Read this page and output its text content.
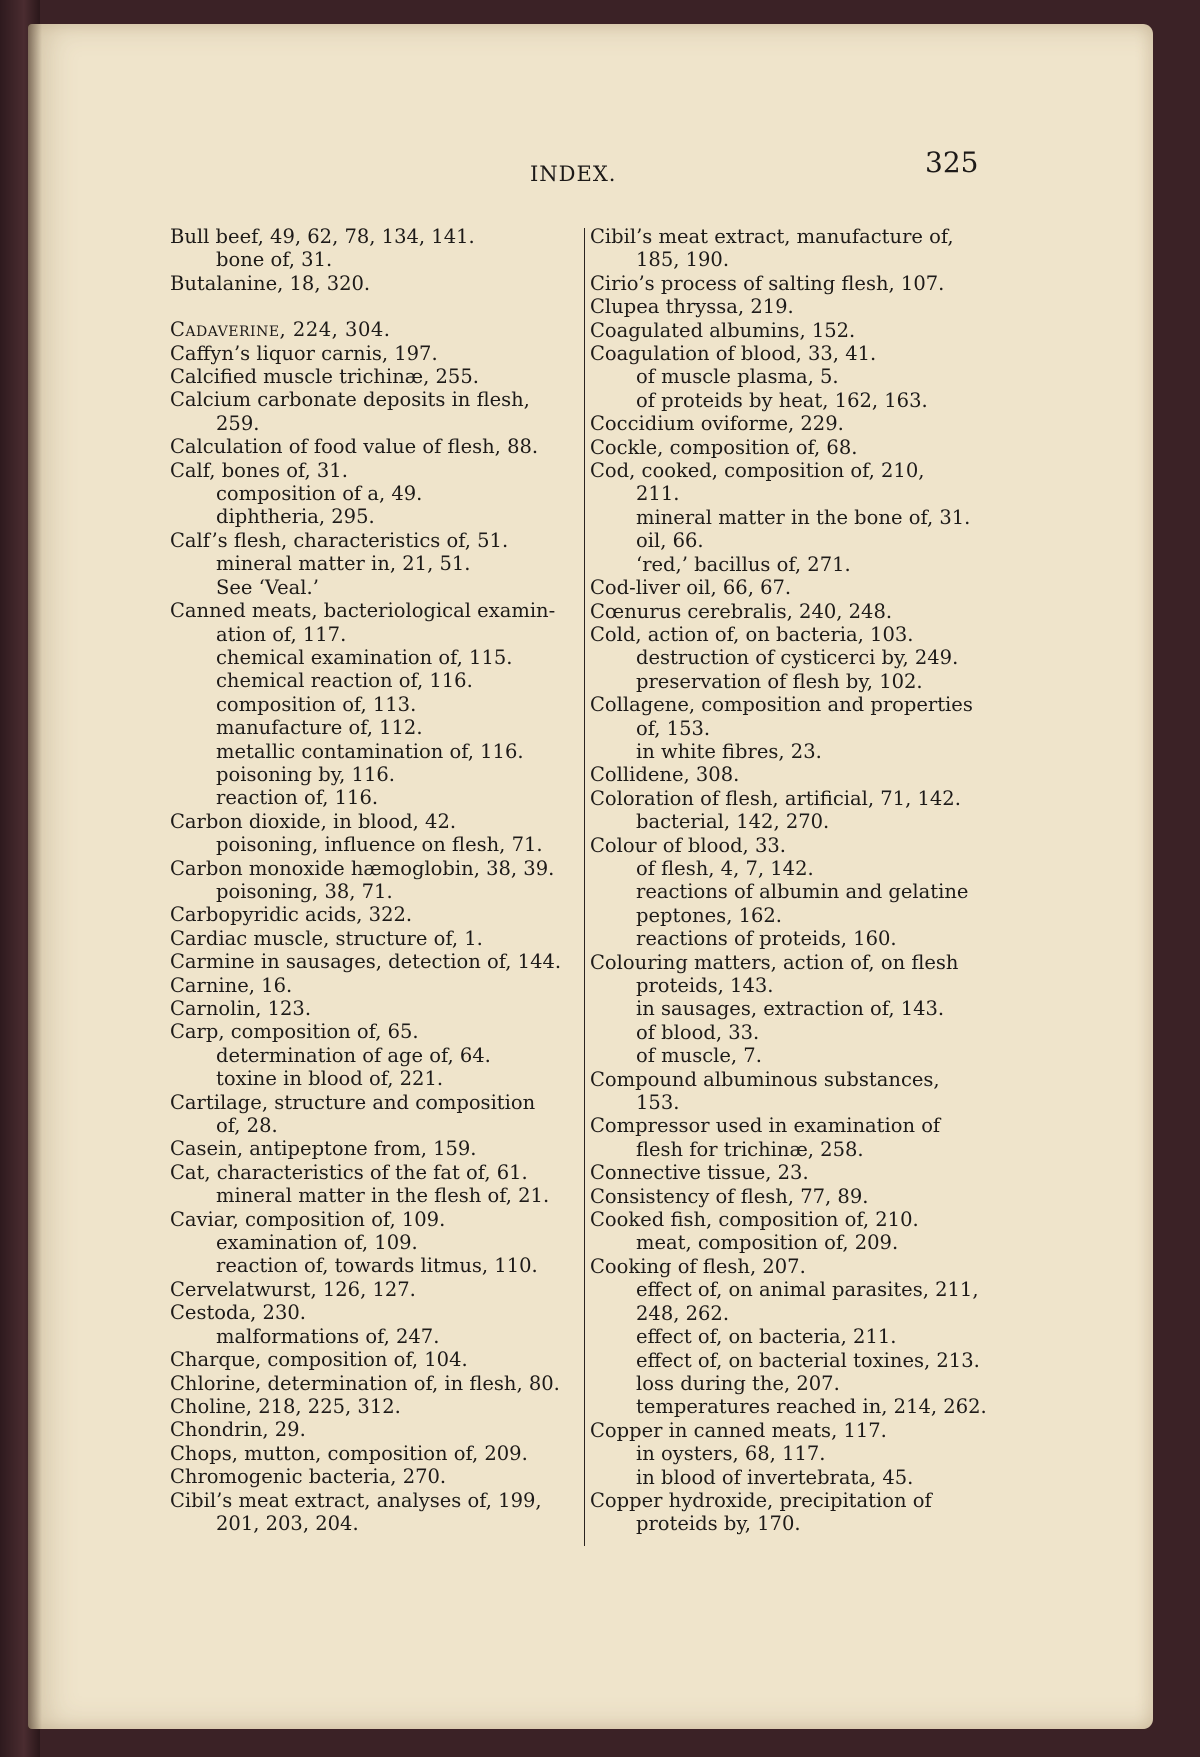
INDEX.	325
Bull beef, 49, 62, 78, 134, 141.
bone of, 31.
Butalanine, 18, 320.
Cadaverine, 224, 304.
Caffyn’s liquor carnis, 197.
Calcified muscle trichinæ, 255.
Calcium carbonate deposits in flesh,
259.
Calculation of food value of flesh, 88.
Calf, bones of, 31.
composition of a, 49.
diphtheria, 295.
Calf’s flesh, characteristics of, 51.
mineral matter in, 21, 51.
See ‘Veal.’
Canned meats, bacteriological examin-
ation of, 117.
chemical examination of, 115.
chemical reaction of, 116.
composition of, 113.
manufacture of, 112.
metallic contamination of, 116.
poisoning by, 116.
reaction of, 116.
Carbon dioxide, in blood, 42.
poisoning, influence on flesh, 71.
Carbon monoxide hæmoglobin, 38, 39.
poisoning, 38, 71.
Carbopyridic acids, 322.
Cardiac muscle, structure of, 1.
Carmine in sausages, detection of, 144.
Carnine, 16.
Carnolin, 123.
Carp, composition of, 65.
determination of age of, 64.
toxine in blood of, 221.
Cartilage, structure and composition
of, 28.
Casein, antipeptone from, 159.
Cat, characteristics of the fat of, 61.
mineral matter in the flesh of, 21.
Caviar, composition of, 109.
examination of, 109.
reaction of, towards litmus, 110.
Cervelatwurst, 126, 127.
Cestoda, 230.
malformations of, 247.
Charque, composition of, 104.
Chlorine, determination of, in flesh, 80.
Choline, 218, 225, 312.
Chondrin, 29.
Chops, mutton, composition of, 209.
Chromogenic bacteria, 270.
Cibil’s meat extract, analyses of, 199,
201, 203, 204.
Cibil’s meat extract, manufacture of,
185, 190.
Cirio’s process of salting flesh, 107.
Clupea thryssa, 219.
Coagulated albumins, 152.
Coagulation of blood, 33, 41.
of muscle plasma, 5.
of proteids by heat, 162, 163.
Coccidium oviforme, 229.
Cockle, composition of, 68.
Cod, cooked, composition of, 210,
211.
mineral matter in the bone of, 31.
oil, 66.
‘red,’ bacillus of, 271.
Cod-liver oil, 66, 67.
Cœnurus cerebralis, 240, 248.
Cold, action of, on bacteria, 103.
destruction of cysticerci by, 249.
preservation of flesh by, 102.
Collagene, composition and properties
of, 153.
in white fibres, 23.
Collidene, 308.
Coloration of flesh, artificial, 71, 142.
bacterial, 142, 270.
Colour of blood, 33.
of flesh, 4, 7, 142.
reactions of albumin and gelatine
peptones, 162.
reactions of proteids, 160.
Colouring matters, action of, on flesh
proteids, 143.
in sausages, extraction of, 143.
of blood, 33.
of muscle, 7.
Compound albuminous substances,
153.
Compressor used in examination of
flesh for trichinæ, 258.
Connective tissue, 23.
Consistency of flesh, 77, 89.
Cooked fish, composition of, 210.
meat, composition of, 209.
Cooking of flesh, 207.
effect of, on animal parasites, 211,
248, 262.
effect of, on bacteria, 211.
effect of, on bacterial toxines, 213.
loss during the, 207.
temperatures reached in, 214, 262.
Copper in canned meats, 117.
in oysters, 68, 117.
in blood of invertebrata, 45.
Copper hydroxide, precipitation of
proteids by, 170.
